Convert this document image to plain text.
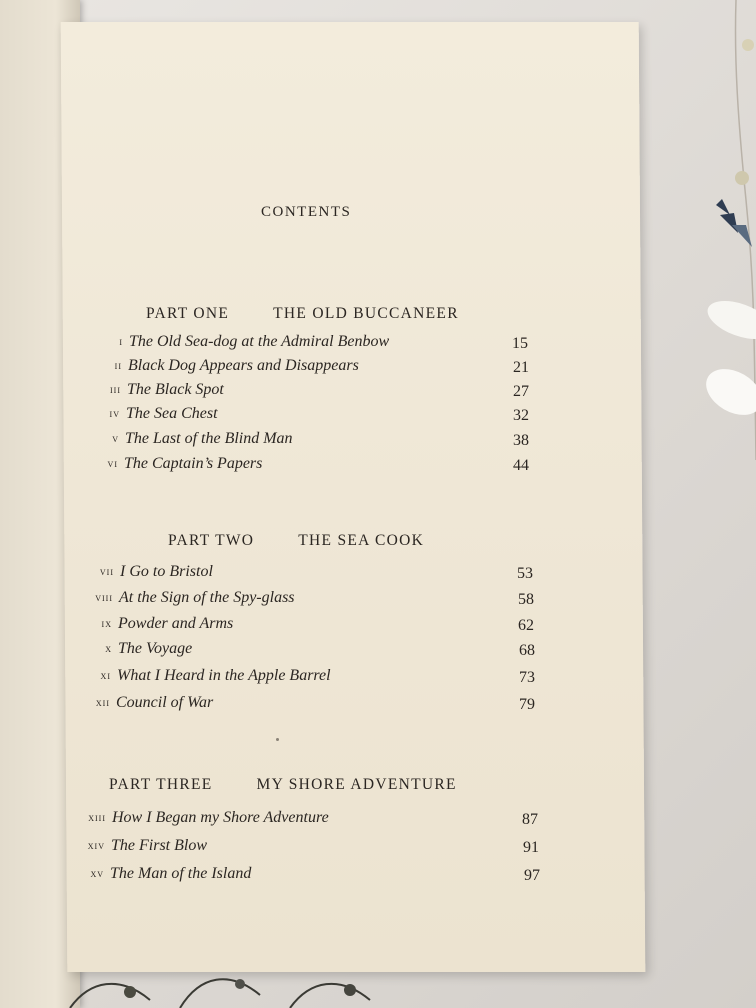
CONTENTS
PART ONE	THE OLD BUCCANEER
i The Old Sea-dog at the Admiral Benbow	15
ii Black Dog Appears and Disappears	21
iii The Black Spot	27
iv The Sea Chest	32
v The Last of the Blind Man	38
vi The Captain’s Papers	44
PART TWO	THE SEA COOK
vii I Go to Bristol	53
viii At the Sign of the Spy-glass	58
ix Powder and Arms	62
x The Voyage	68
xi What I Heard in the Apple Barrel	73
xii Council of War	79
PART THREE	MY SHORE ADVENTURE
xiii How I Began my Shore Adventure	87
xiv The First Blow	91
xv The Man of the Island	97
